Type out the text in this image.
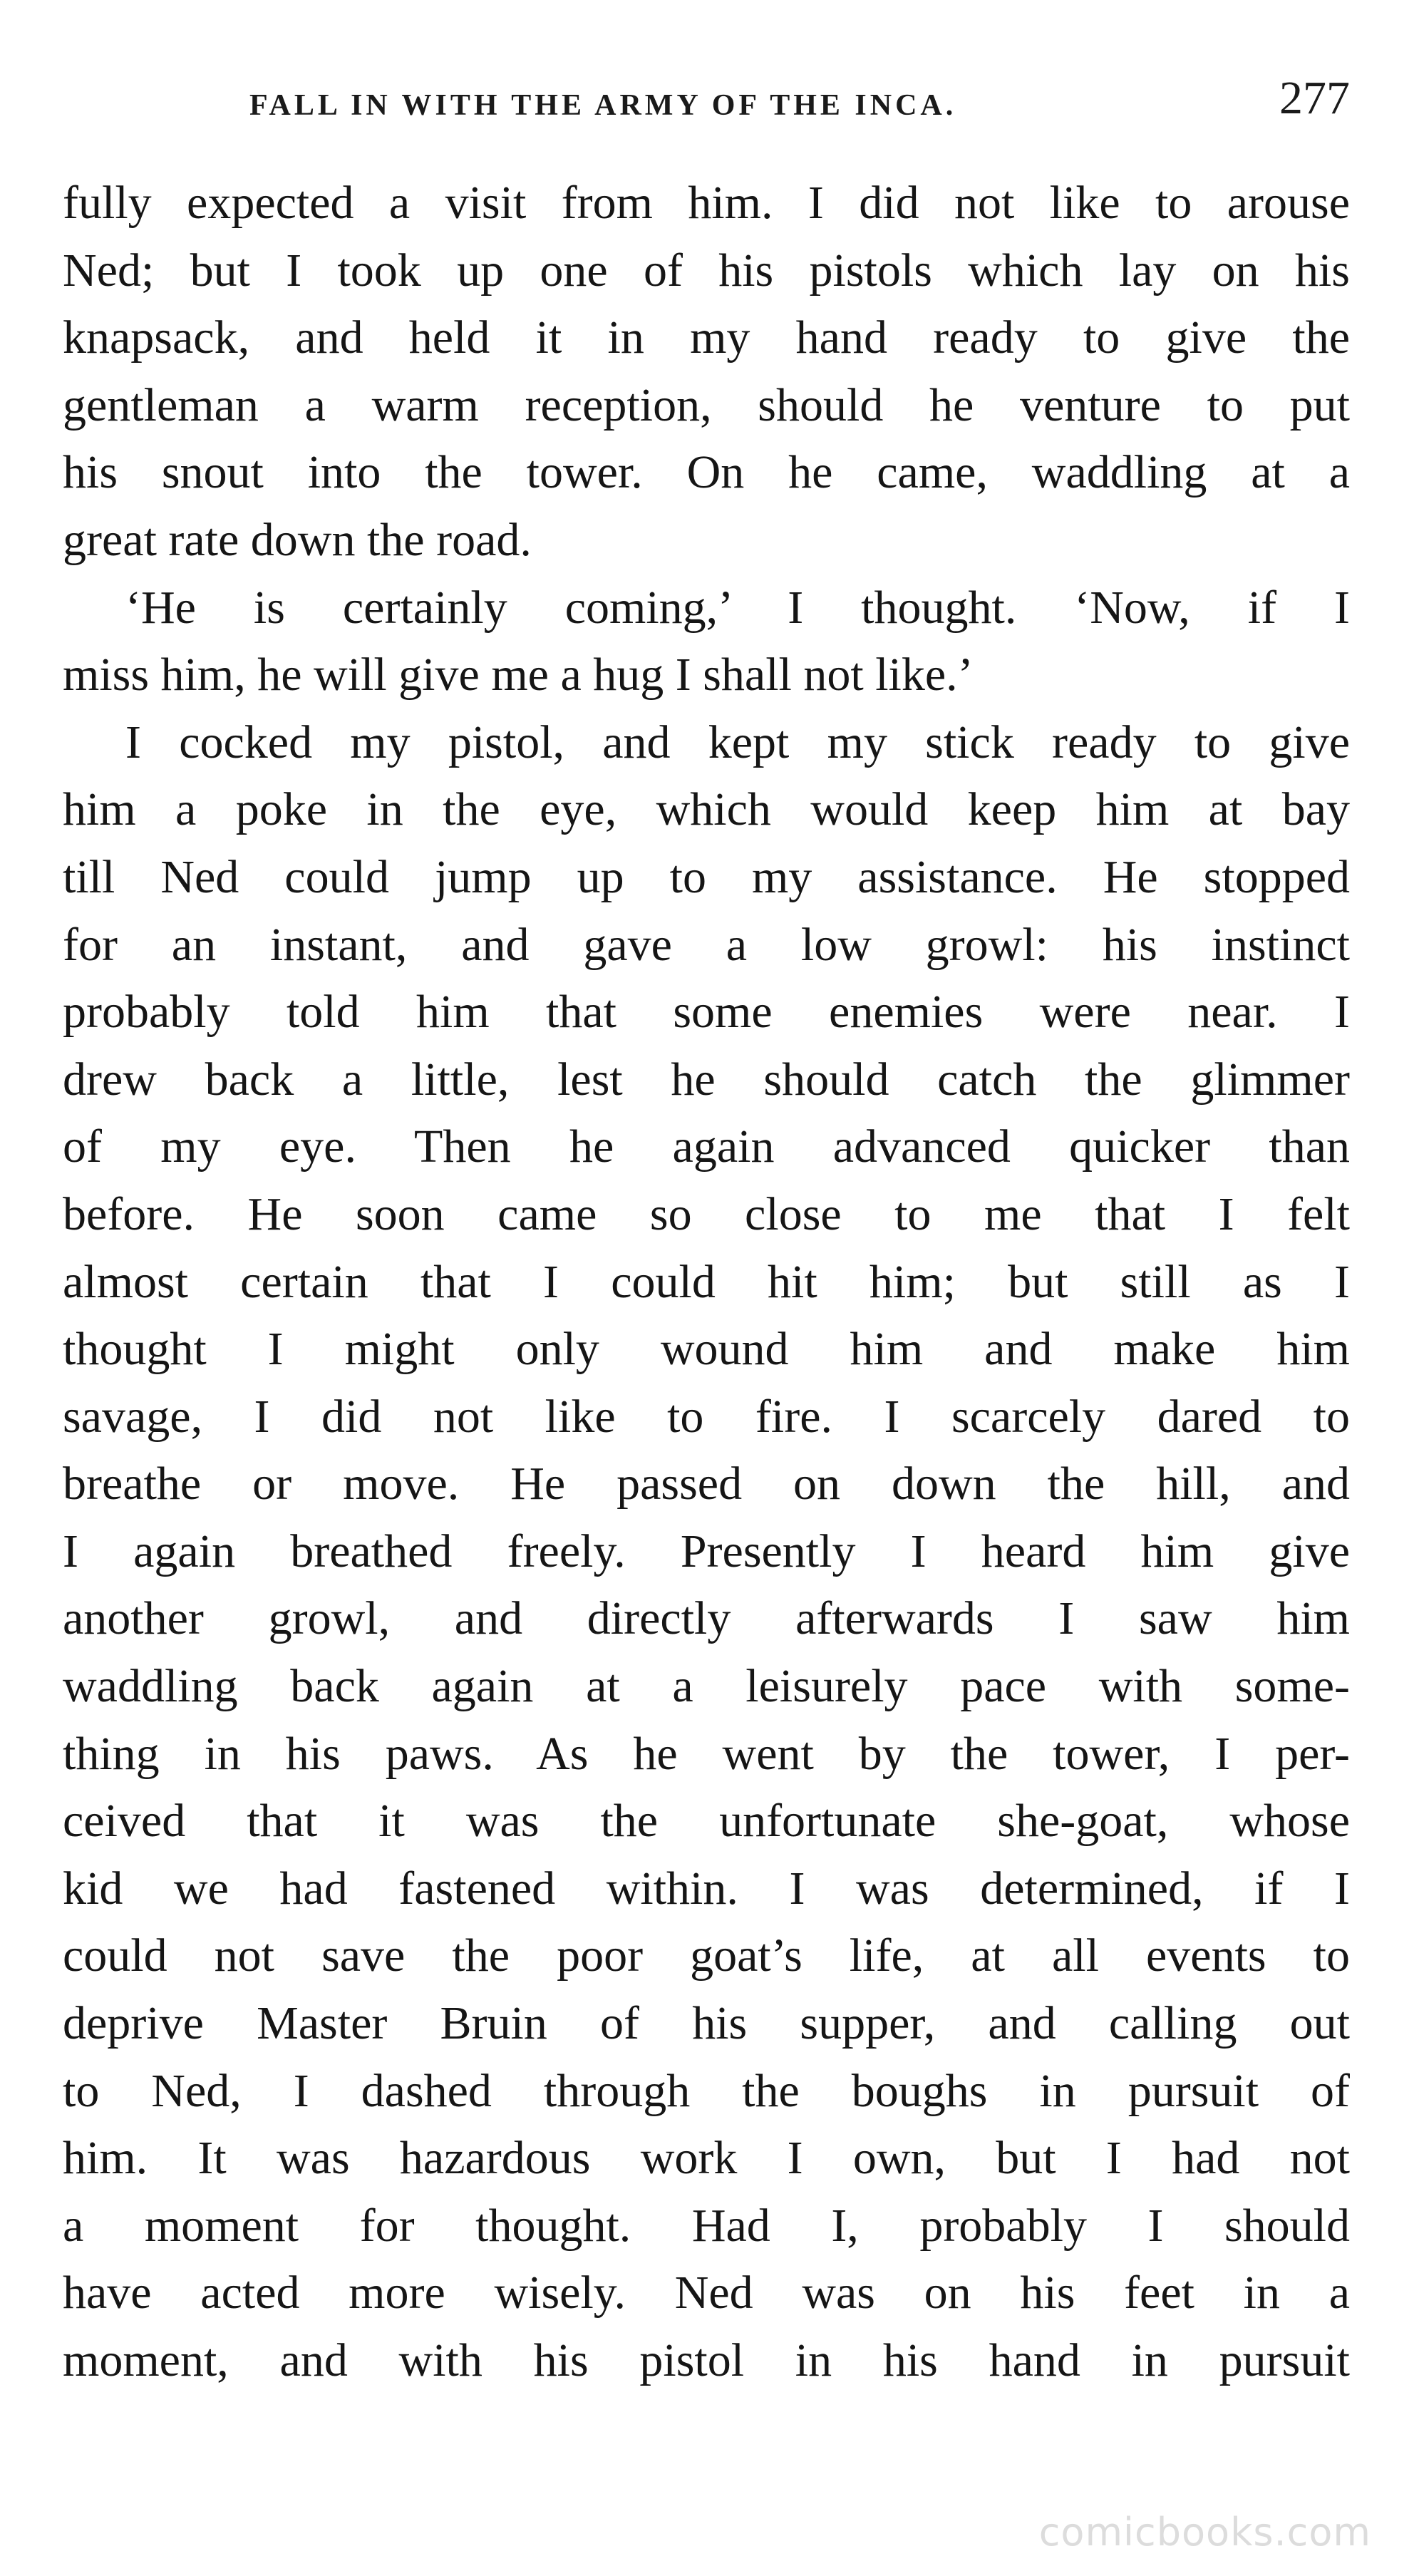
FALL IN WITH THE ARMY OF THE INCA.	277
fully expected a visit from him. I did not like to arouse
Ned; but I took up one of his pistols which lay on his
knapsack, and held it in my hand ready to give the
gentleman a warm reception, should he venture to put
his snout into the tower. On he came, waddling at a
great rate down the road.
‘He is certainly coming,’ I thought. ‘Now, if I
miss him, he will give me a hug I shall not like.’
I cocked my pistol, and kept my stick ready to give
him a poke in the eye, which would keep him at bay
till Ned could jump up to my assistance. He stopped
for an instant, and gave a low growl: his instinct
probably told him that some enemies were near. I
drew back a little, lest he should catch the glimmer
of my eye. Then he again advanced quicker than
before. He soon came so close to me that I felt
almost certain that I could hit him; but still as I
thought I might only wound him and make him
savage, I did not like to fire. I scarcely dared to
breathe or move. He passed on down the hill, and
I again breathed freely. Presently I heard him give
another growl, and directly afterwards I saw him
waddling back again at a leisurely pace with some-
thing in his paws. As he went by the tower, I per-
ceived that it was the unfortunate she-goat, whose
kid we had fastened within. I was determined, if I
could not save the poor goat’s life, at all events to
deprive Master Bruin of his supper, and calling out
to Ned, I dashed through the boughs in pursuit of
him. It was hazardous work I own, but I had not
a moment for thought. Had I, probably I should
have acted more wisely. Ned was on his feet in a
moment, and with his pistol in his hand in pursuit
comicbooks.com
